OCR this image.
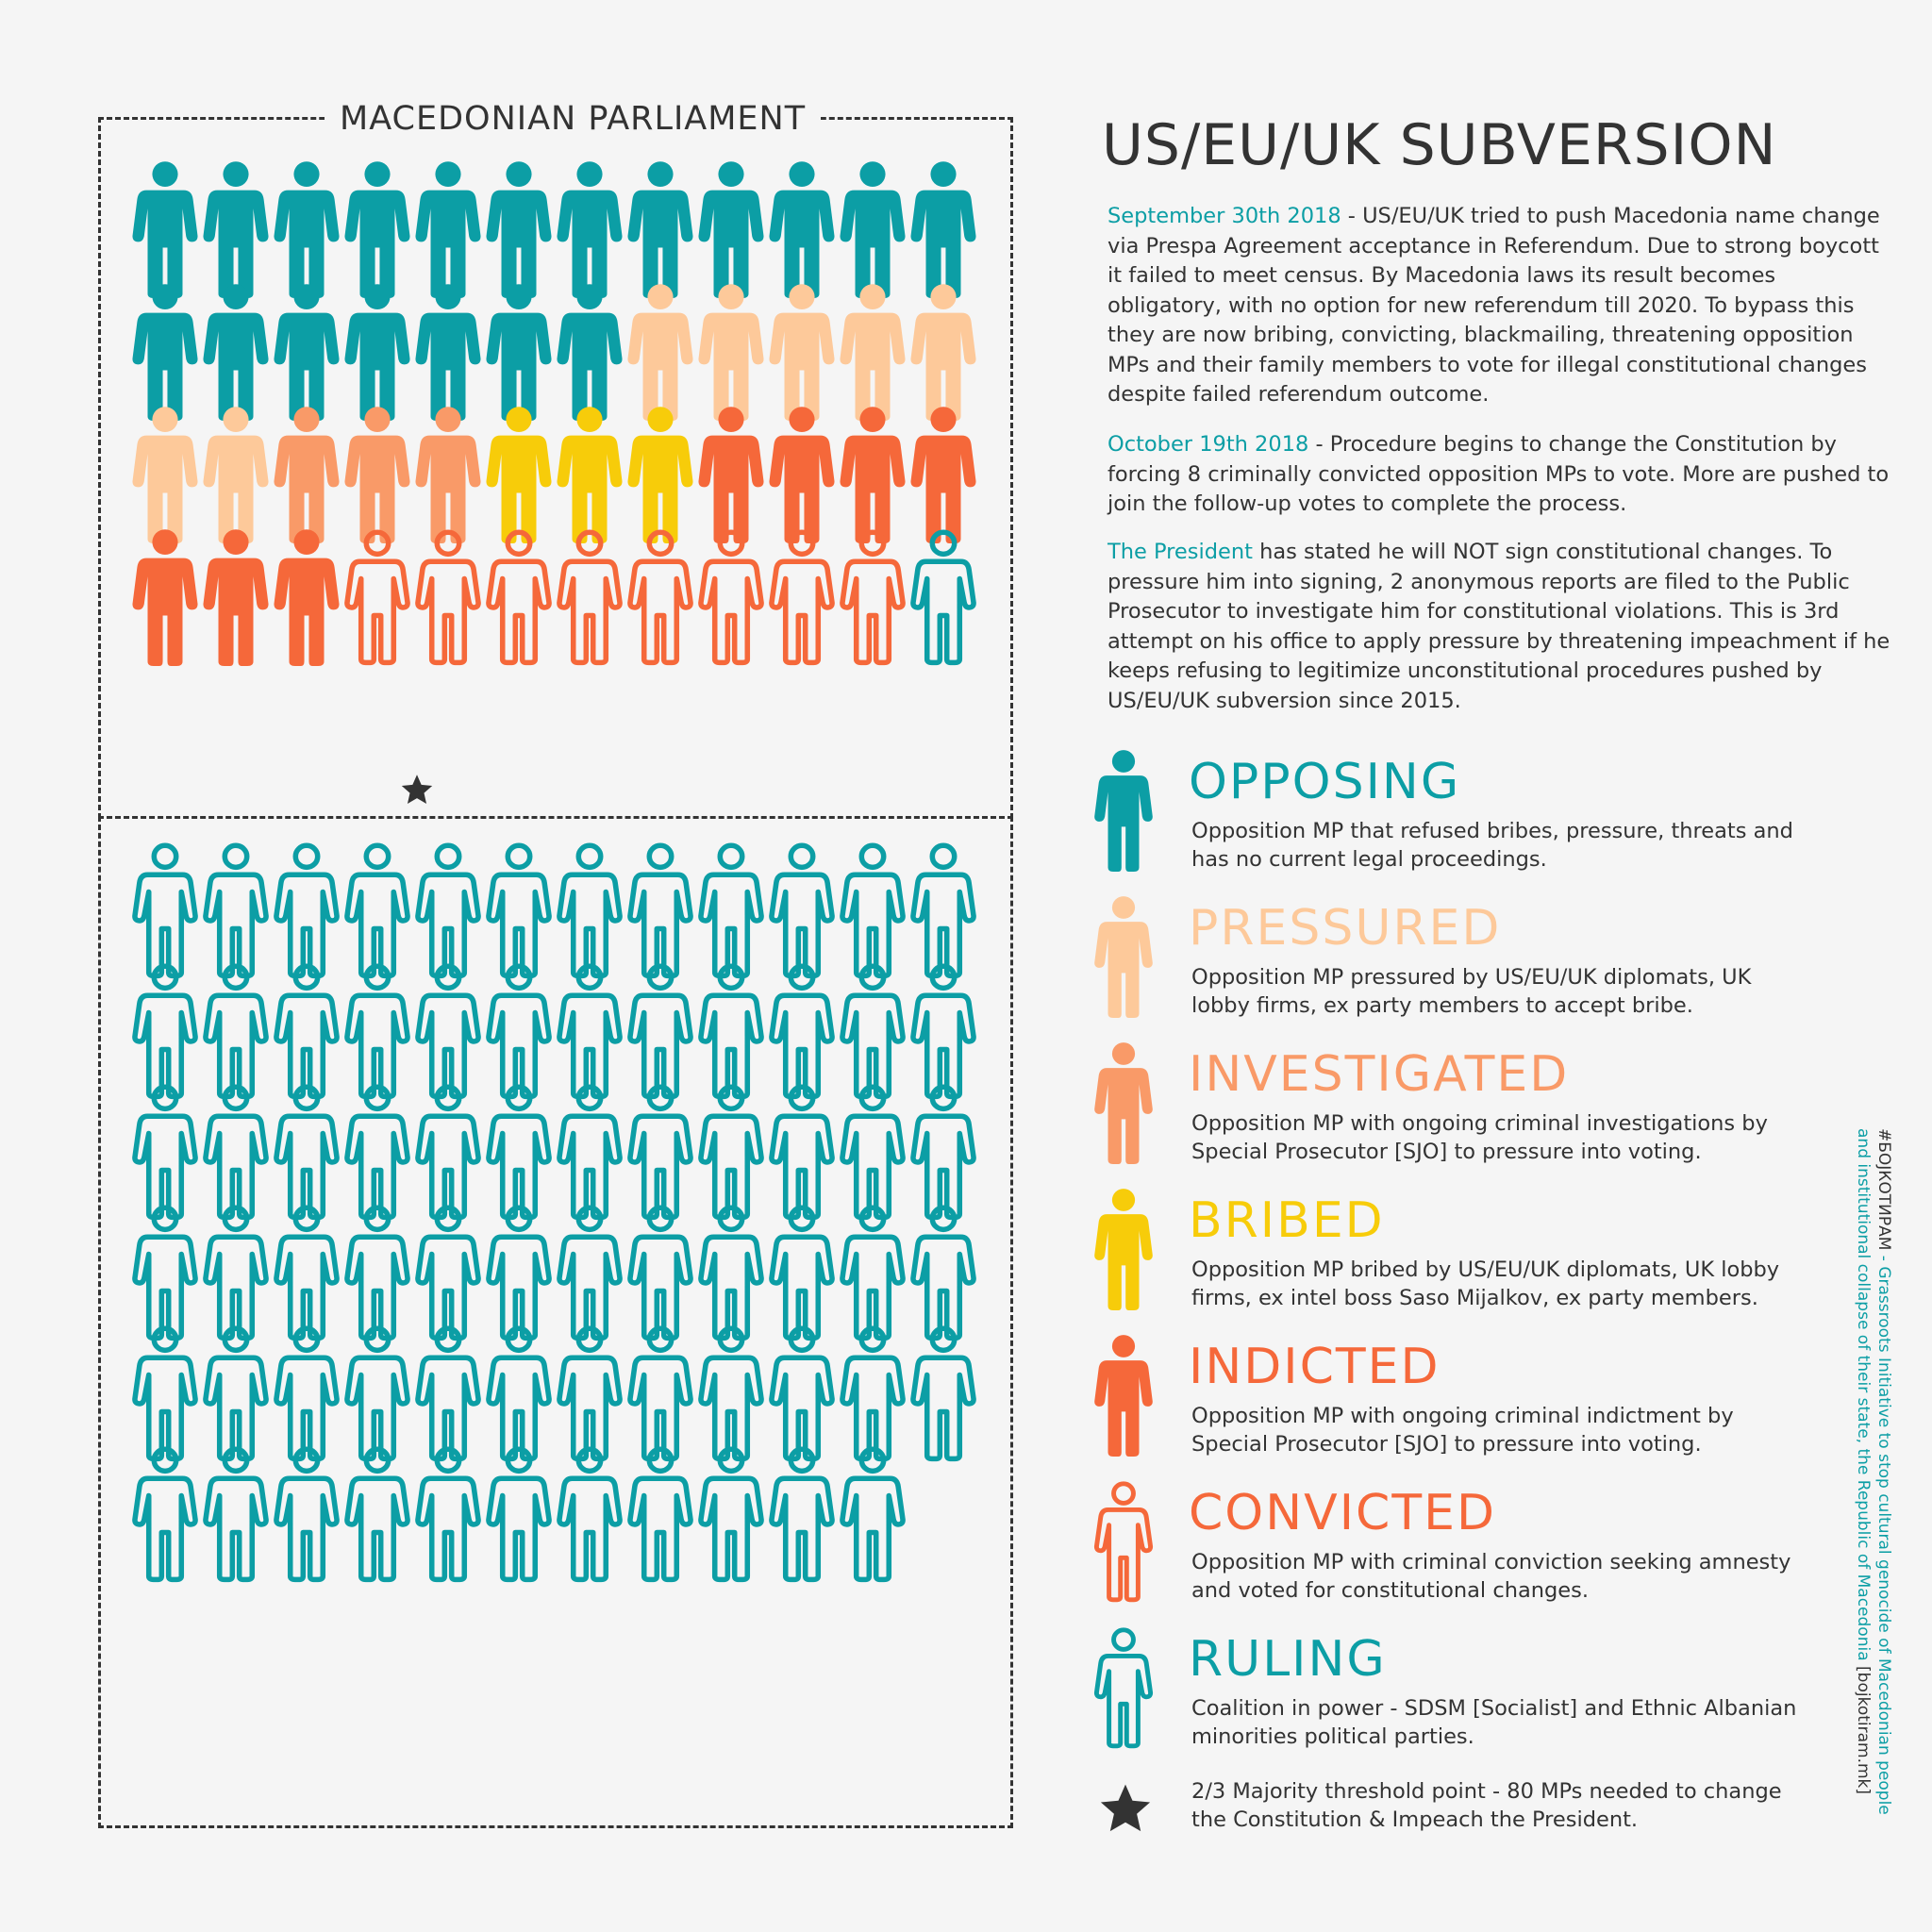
MACEDONIAN PARLIAMENT	US/EU/UK SUBVERSION
September 30th 2018 - US/EU/UK tried to push Macedonia name change via Prespa Agreement acceptance in Referendum. Due to strong boycott it failed to meet census. By Macedonia laws its result becomes obligatory, with no option for new referendum till 2020. To bypass this they are now bribing, convicting, blackmailing, threatening opposition MPs and their family members to vote for illegal constitutional changes despite failed referendum outcome.
October 19th 2018 - Procedure begins to change the Constitution by forcing 8 criminally convicted opposition MPs to vote. More are pushed to join the follow-up votes to complete the process.
The President has stated he will NOT sign constitutional changes. To pressure him into signing, 2 anonymous reports are filed to the Public Prosecutor to investigate him for constitutional violations. This is 3rd attempt on his office to apply pressure by threatening impeachment if he keeps refusing to legitimize unconstitutional procedures pushed by US/EU/UK subversion since 2015.
OPPOSING
Opposition MP that refused bribes, pressure, threats and has no current legal proceedings.
PRESSURED
Opposition MP pressured by US/EU/UK diplomats, UK lobby firms, ex party members to accept bribe.
INVESTIGATED
Opposition MP with ongoing criminal investigations by Special Prosecutor [SJO] to pressure into voting.
BRIBED
Opposition MP bribed by US/EU/UK diplomats, UK lobby firms, ex intel boss Saso Mijalkov, ex party members.
INDICTED
Opposition MP with ongoing criminal indictment by Special Prosecutor [SJO] to pressure into voting.
CONVICTED
Opposition MP with criminal conviction seeking amnesty and voted for constitutional changes.
RULING
Coalition in power - SDSM [Socialist] and Ethnic Albanian minorities political parties.
2/3 Majority threshold point - 80 MPs needed to change the Constitution & Impeach the President.
#БОЈКОТИРАМ - Grassroots Initiative to stop cultural genocide of Macedonian people
and institutional collapse of their state, the Republic of Macedonia [bojkotiram.mk]
